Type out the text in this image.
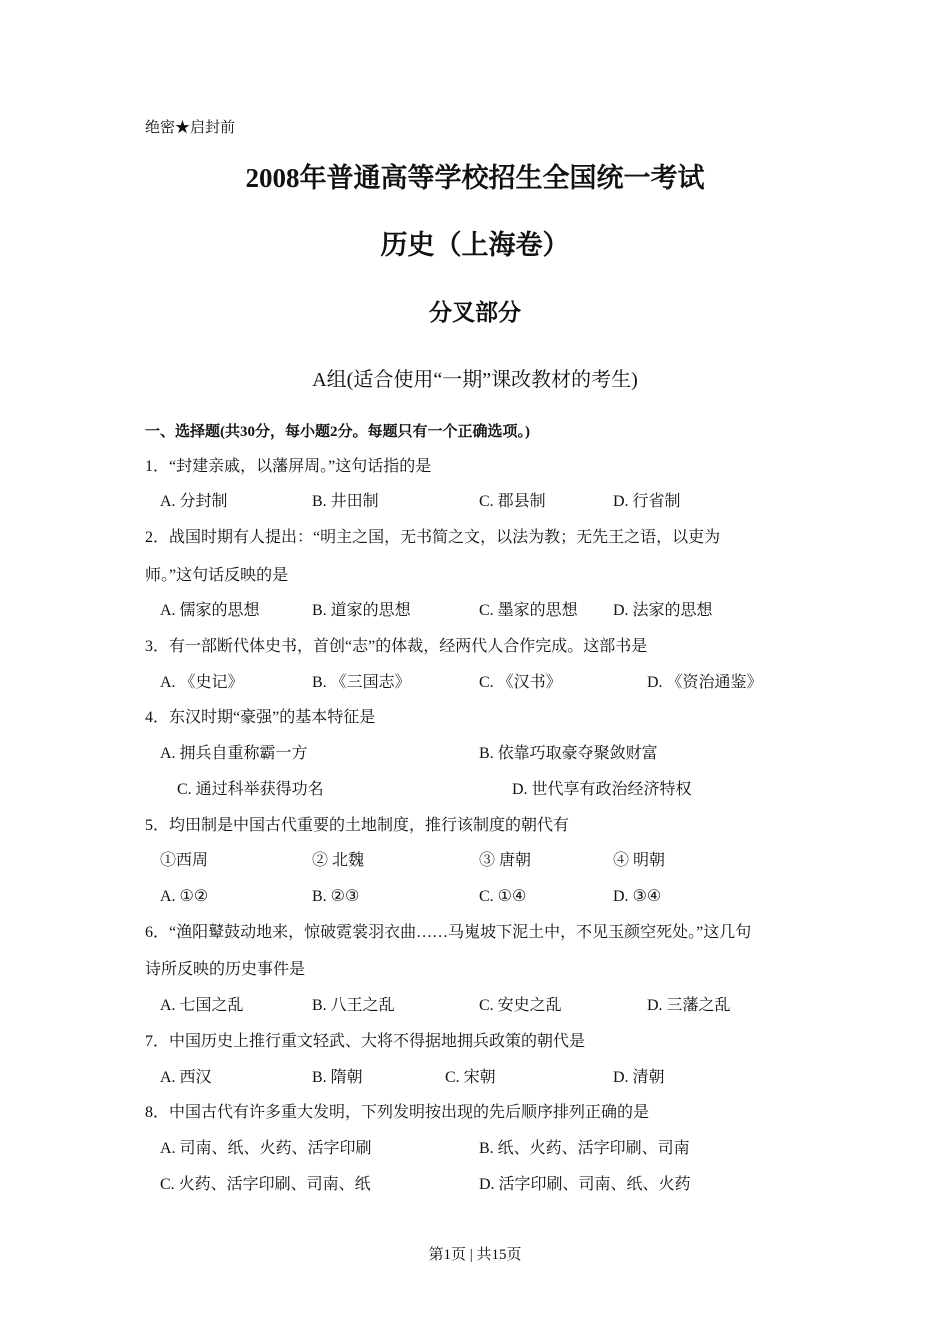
绝密★启封前
2008年普通高等学校招生全国统一考试
历史（上海卷）
分叉部分
A组(适合使用“一期”课改教材的考生)
一、选择题(共30分，每小题2分。每题只有一个正确选项。)
1．“封建亲戚，以藩屏周。”这句话指的是
A. 分封制	B. 井田制	C. 郡县制	D. 行省制
2．战国时期有人提出：“明主之国，无书简之文，以法为教；无先王之语，以吏为
师。”这句话反映的是
A. 儒家的思想	B. 道家的思想	C. 墨家的思想 D. 法家的思想
3．有一部断代体史书，首创“志”的体裁，经两代人合作完成。这部书是
A. 《史记》	B. 《三国志》	C. 《汉书》	D. 《资治通鉴》
4．东汉时期“豪强”的基本特征是
A. 拥兵自重称霸一方	B. 依靠巧取豪夺聚敛财富
C. 通过科举获得功名	D. 世代享有政治经济特权
5．均田制是中国古代重要的土地制度，推行该制度的朝代有
①西周	② 北魏	③ 唐朝	④ 明朝
A. ①②	B. ②③	C. ①④	D. ③④
6．“渔阳鼙鼓动地来，惊破霓裳羽衣曲……马嵬坡下泥土中，不见玉颜空死处。”这几句
诗所反映的历史事件是
A. 七国之乱	B. 八王之乱	C. 安史之乱	D. 三藩之乱
7．中国历史上推行重文轻武、大将不得据地拥兵政策的朝代是
A. 西汉	B. 隋朝	C. 宋朝	D. 清朝
8．中国古代有许多重大发明，下列发明按出现的先后顺序排列正确的是
A. 司南、纸、火药、活字印刷	B. 纸、火药、活字印刷、司南
C. 火药、活字印刷、司南、纸	D. 活字印刷、司南、纸、火药
第1页 | 共15页
